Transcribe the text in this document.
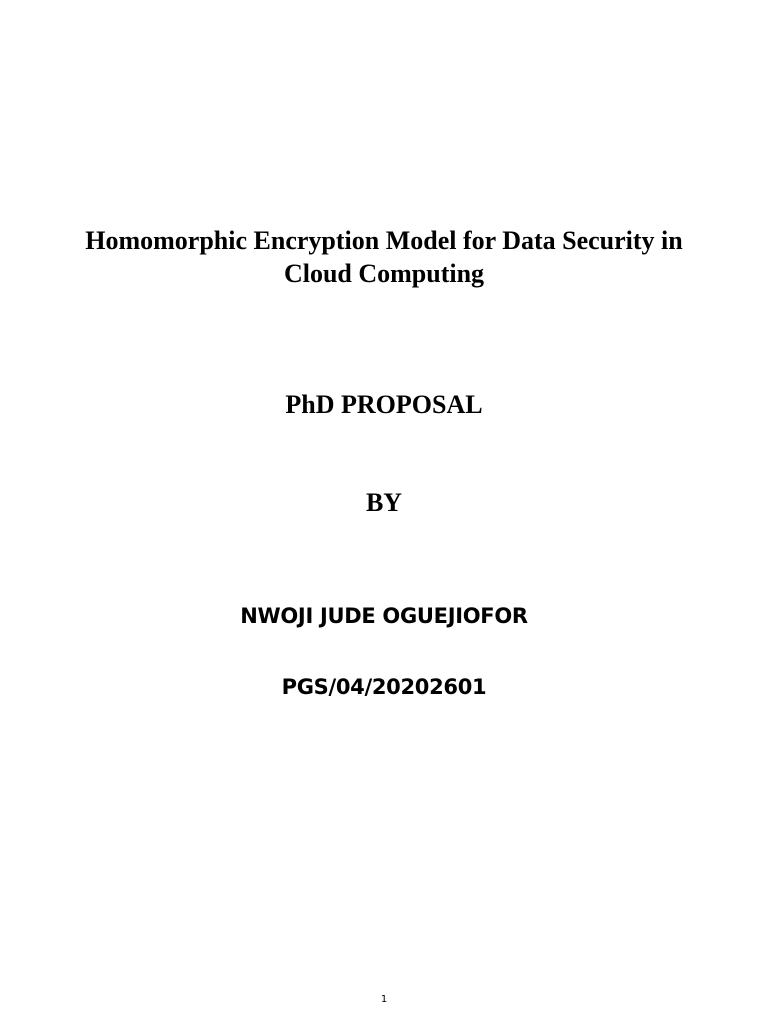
Homomorphic Encryption Model for Data Security in
Cloud Computing

PhD PROPOSAL

BY

NWOJI JUDE OGUEJIOFOR

PGS/04/20202601

1
